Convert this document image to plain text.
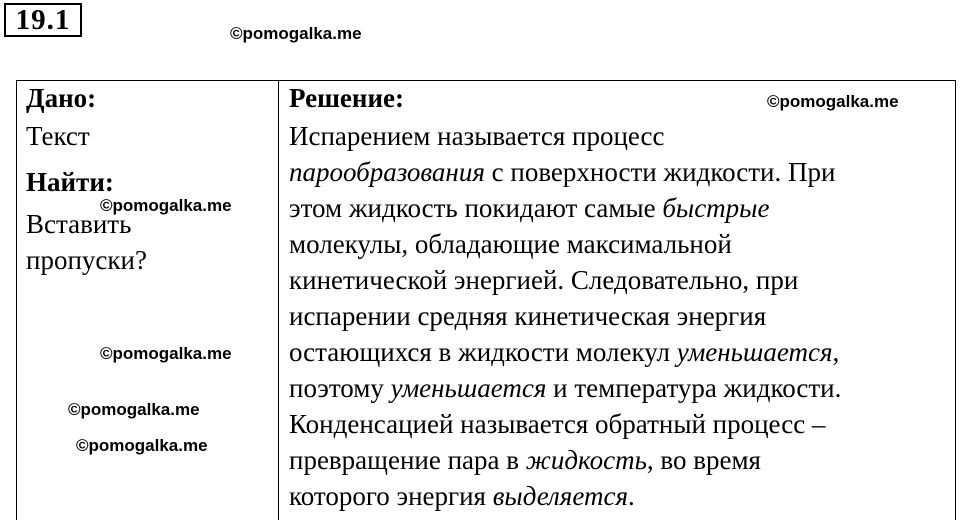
19.1	©pomogalka.me
©pomogalka.me
©pomogalka.me
©pomogalka.me
©pomogalka.me
©pomogalka.me
Дано:
Текст
Найти:
Вставить
пропуски?
Решение:
Испарением называется процесс
парообразования с поверхности жидкости. При
этом жидкость покидают самые быстрые
молекулы, обладающие максимальной
кинетической энергией. Следовательно, при
испарении средняя кинетическая энергия
остающихся в жидкости молекул уменьшается,
поэтому уменьшается и температура жидкости.
Конденсацией называется обратный процесс –
превращение пара в жидкость, во время
которого энергия выделяется.
